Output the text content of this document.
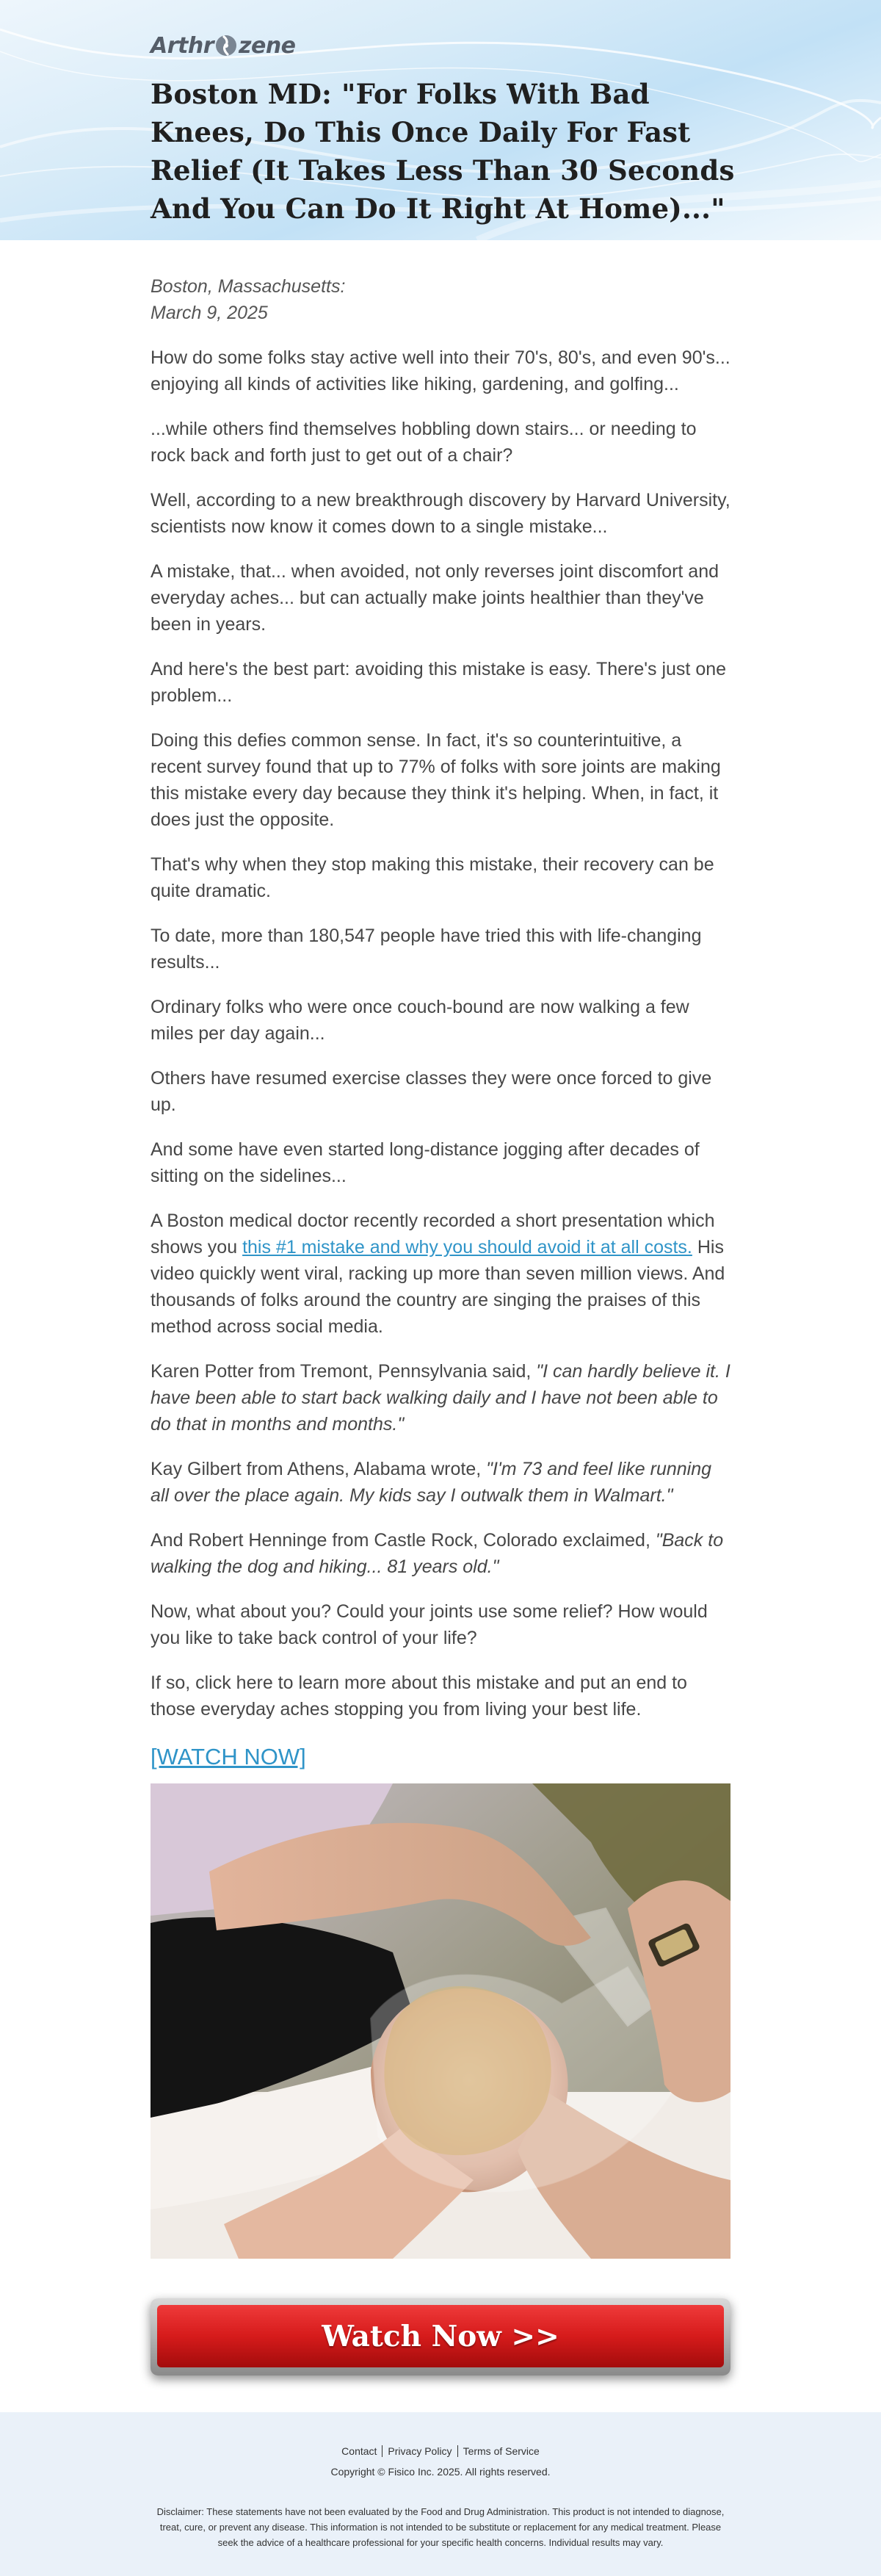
Arthr zene
Boston MD: "For Folks With Bad Knees, Do This Once Daily For Fast Relief (It Takes Less Than 30 Seconds And You Can Do It Right At Home)..."
Boston, Massachusetts:
March 9, 2025

How do some folks stay active well into their 70's, 80's, and even 90's... enjoying all kinds of activities like hiking, gardening, and golfing...

...while others find themselves hobbling down stairs... or needing to rock back and forth just to get out of a chair?

Well, according to a new breakthrough discovery by Harvard University, scientists now know it comes down to a single mistake...

A mistake, that... when avoided, not only reverses joint discomfort and everyday aches... but can actually make joints healthier than they've been in years.

And here's the best part: avoiding this mistake is easy. There's just one problem...

Doing this defies common sense. In fact, it's so counterintuitive, a recent survey found that up to 77% of folks with sore joints are making this mistake every day because they think it's helping. When, in fact, it does just the opposite.

That's why when they stop making this mistake, their recovery can be quite dramatic.

To date, more than 180,547 people have tried this with life-changing results...

Ordinary folks who were once couch-bound are now walking a few miles per day again...

Others have resumed exercise classes they were once forced to give up.

And some have even started long-distance jogging after decades of sitting on the sidelines...

A Boston medical doctor recently recorded a short presentation which shows you this #1 mistake and why you should avoid it at all costs. His video quickly went viral, racking up more than seven million views. And thousands of folks around the country are singing the praises of this method across social media.

Karen Potter from Tremont, Pennsylvania said, "I can hardly believe it. I have been able to start back walking daily and I have not been able to do that in months and months."

Kay Gilbert from Athens, Alabama wrote, "I'm 73 and feel like running all over the place again. My kids say I outwalk them in Walmart."

And Robert Henninge from Castle Rock, Colorado exclaimed, "Back to walking the dog and hiking... 81 years old."

Now, what about you? Could your joints use some relief? How would you like to take back control of your life?

If so, click here to learn more about this mistake and put an end to those everyday aches stopping you from living your best life.

[WATCH NOW]
Watch Now >>
Contact Privacy Policy Terms of Service
Copyright © Fisico Inc. 2025. All rights reserved.
Disclaimer: These statements have not been evaluated by the Food and Drug Administration. This product is not intended to diagnose, treat, cure, or prevent any disease. This information is not intended to be substitute or replacement for any medical treatment. Please seek the advice of a healthcare professional for your specific health concerns. Individual results may vary.
